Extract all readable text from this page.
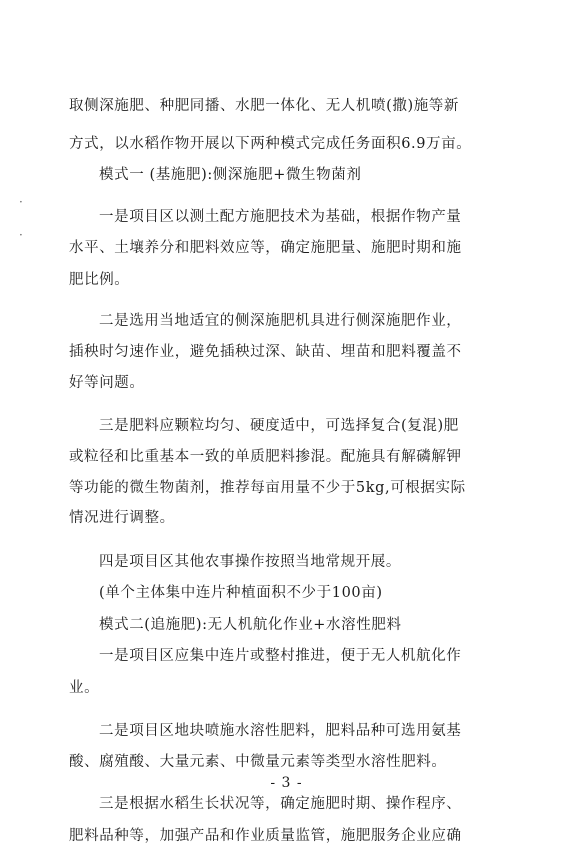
·
·
取侧深施肥、种肥同播、水肥一体化、无人机喷(撒)施等新
方式，以水稻作物开展以下两种模式完成任务面积6.9万亩。
模式一 (基施肥):侧深施肥+微生物菌剂
一是项目区以测土配方施肥技术为基础，根据作物产量
水平、土壤养分和肥料效应等，确定施肥量、施肥时期和施
肥比例。
二是选用当地适宜的侧深施肥机具进行侧深施肥作业，
插秧时匀速作业，避免插秧过深、缺苗、埋苗和肥料覆盖不
好等问题。
三是肥料应颗粒均匀、硬度适中，可选择复合(复混)肥
或粒径和比重基本一致的单质肥料掺混。配施具有解磷解钾
等功能的微生物菌剂，推荐每亩用量不少于5kg,可根据实际
情况进行调整。
四是项目区其他农事操作按照当地常规开展。
(单个主体集中连片种植面积不少于100亩)
模式二(追施肥):无人机航化作业+水溶性肥料
一是项目区应集中连片或整村推进，便于无人机航化作
业。
二是项目区地块喷施水溶性肥料，肥料品种可选用氨基
酸、腐殖酸、大量元素、中微量元素等类型水溶性肥料。
三是根据水稻生长状况等，确定施肥时期、操作程序、
肥料品种等，加强产品和作业质量监管，施肥服务企业应确
- 3 -
